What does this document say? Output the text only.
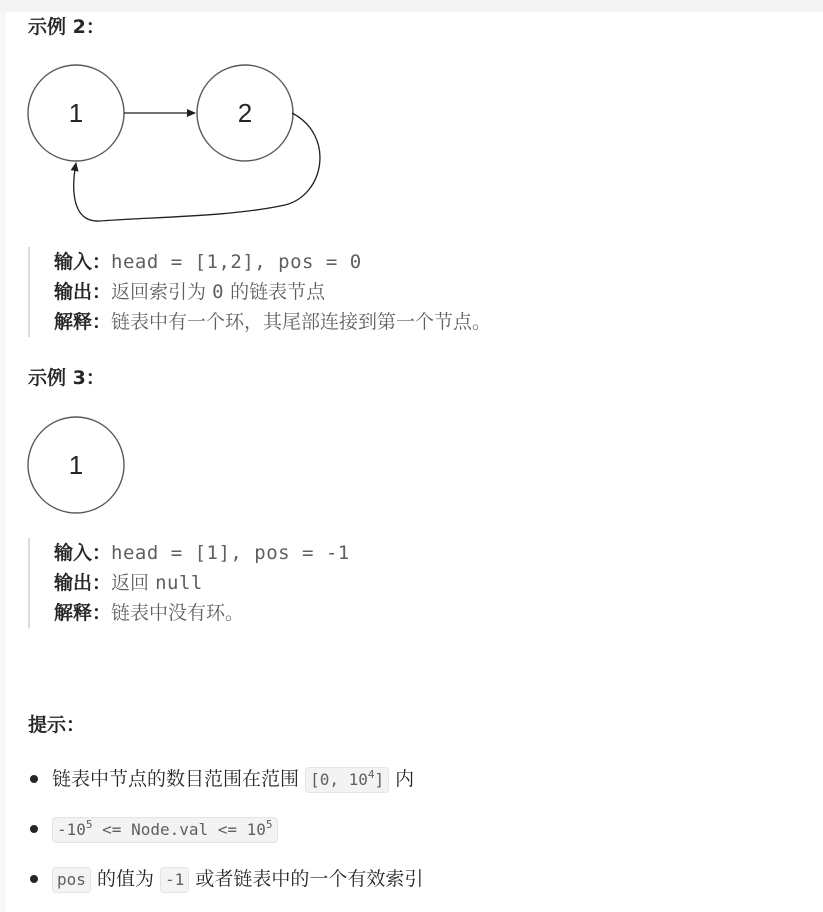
示例 2：
1	2
输入：head = [1,2], pos = 0
输出：返回索引为 0 的链表节点
解释：链表中有一个环，其尾部连接到第一个节点。
示例 3：
1
输入：head = [1], pos = -1
输出：返回 null
解释：链表中没有环。
提示：
链表中节点的数目范围在范围 [0, $10^4$] 内
$-10^5$ <= Node.val <= $10^5$
pos 的值为 -1 或者链表中的一个有效索引
